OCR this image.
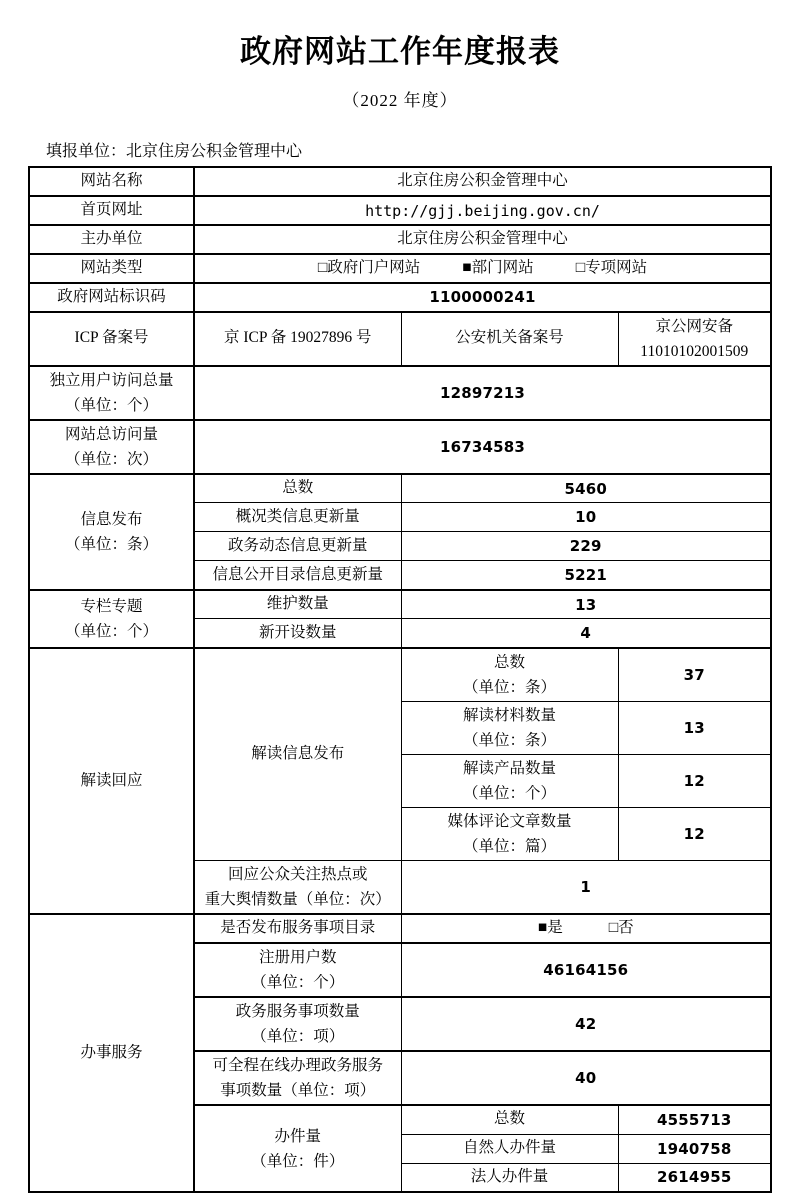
政府网站工作年度报表
（2022 年度）
填报单位：北京住房公积金管理中心
网站名称	北京住房公积金管理中心		
首页网址	http://gjj.beijing.gov.cn/		
主办单位	北京住房公积金管理中心		
网站类型	□政府门户网站 ■部门网站 □专项网站		
政府网站标识码	1100000241		
ICP 备案号	京 ICP 备 19027896 号	公安机关备案号	京公网安备
11010102001509

独立用户访问总量
（单位：个）	12897213		

网站总访问量
（单位：次）	16734583		

信息发布
（单位：条）	总数	5460	
	概况类信息更新量	10	
	政务动态信息更新量	229	
	信息公开目录信息更新量	5221	

专栏专题
（单位：个）	维护数量	13	
	新开设数量	4	
解读回应	解读信息发布	总数
（单位：条）	37

		解读材料数量
（单位：条）	13

		解读产品数量
（单位：个）	12

		媒体评论文章数量
（单位：篇）	12

	回应公众关注热点或
重大舆情数量（单位：次）	1	
办事服务	是否发布服务事项目录	■是 □否	

	注册用户数
（单位：个）	46164156	

	政务服务事项数量
（单位：项）	42	

	可全程在线办理政务服务
事项数量（单位：项）	40	

	办件量
（单位：件）	总数	4555713
		自然人办件量	1940758
		法人办件量	2614955
